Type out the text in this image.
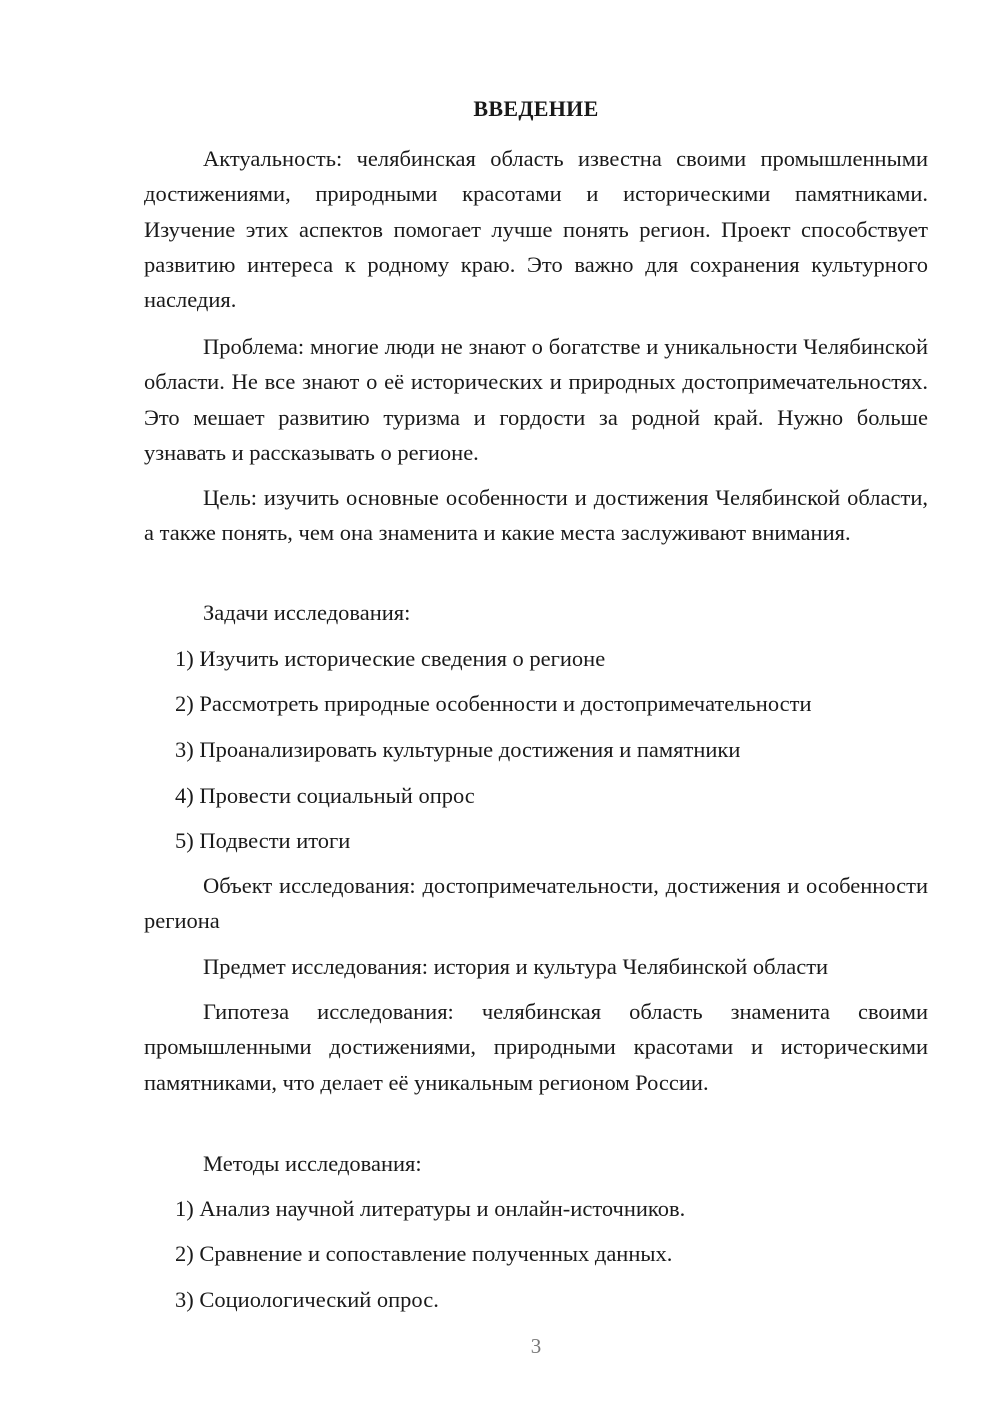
ВВЕДЕНИЕ
Актуальность: челябинская область известна своими промышленными достижениями, природными красотами и историческими памятниками. Изучение этих аспектов помогает лучше понять регион. Проект способствует развитию интереса к родному краю. Это важно для сохранения культурного наследия.
Проблема: многие люди не знают о богатстве и уникальности Челябинской области. Не все знают о её исторических и природных достопримечательностях. Это мешает развитию туризма и гордости за родной край. Нужно больше узнавать и рассказывать о регионе.
Цель: изучить основные особенности и достижения Челябинской области, а также понять, чем она знаменита и какие места заслуживают внимания.
Задачи исследования:
1) Изучить исторические сведения о регионе
2) Рассмотреть природные особенности и достопримечательности
3) Проанализировать культурные достижения и памятники
4) Провести социальный опрос
5) Подвести итоги
Объект исследования: достопримечательности, достижения и особенности региона
Предмет исследования: история и культура Челябинской области
Гипотеза исследования: челябинская область знаменита своими промышленными достижениями, природными красотами и историческими памятниками, что делает её уникальным регионом России.
Методы исследования:
1) Анализ научной литературы и онлайн-источников.
2) Сравнение и сопоставление полученных данных.
3) Социологический опрос.
3
